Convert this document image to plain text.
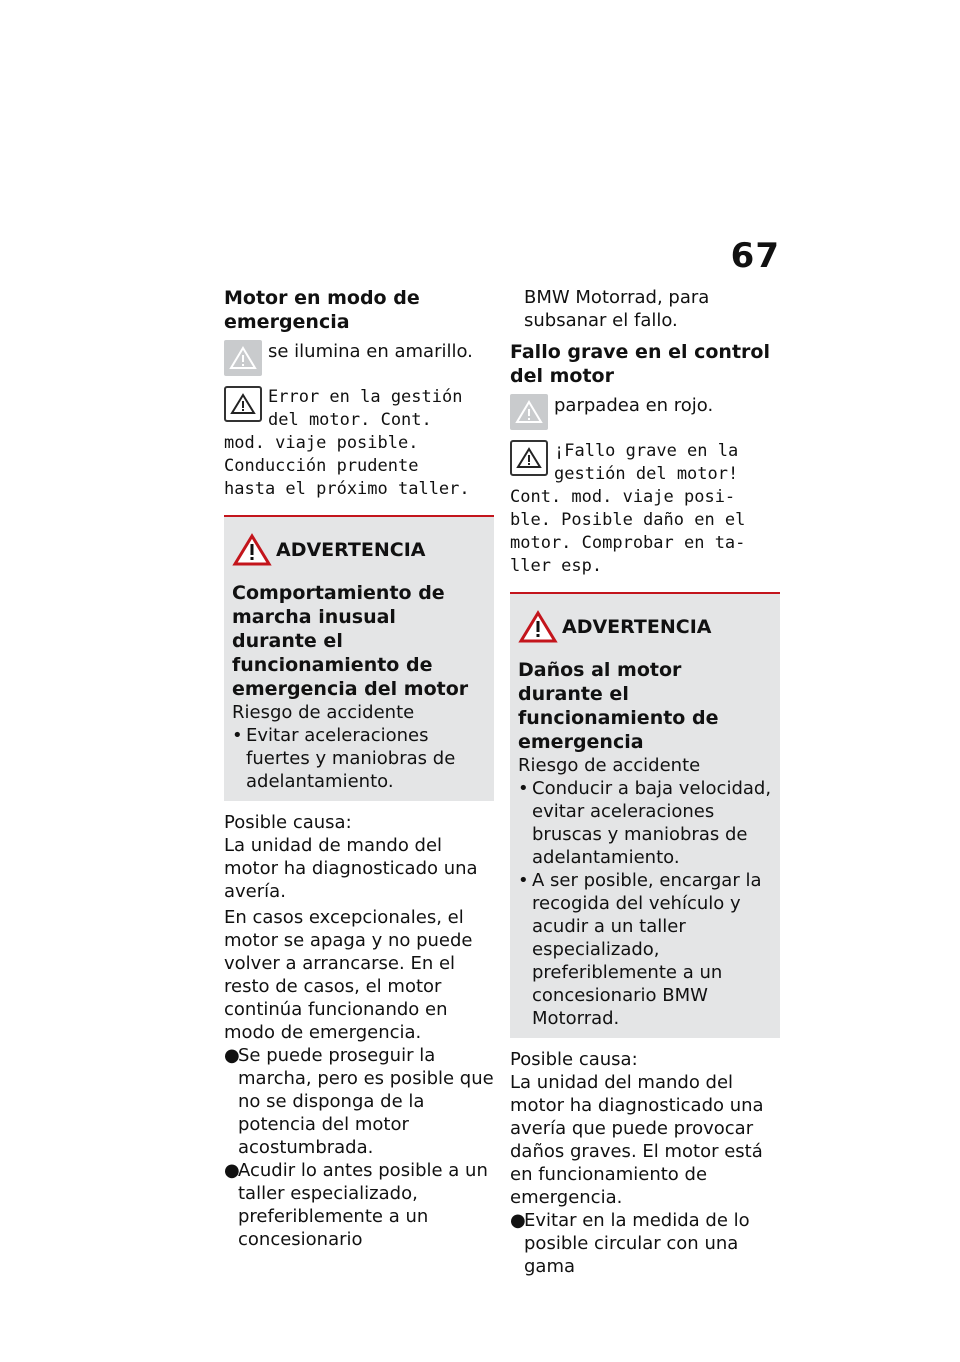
67
Motor en modo de emergencia
se ilumina en amarillo.
Error en la gestión
del motor. Cont.
mod. viaje posible.
Conducción prudente
hasta el próximo taller.
ADVERTENCIA
Comportamiento de marcha inusual durante el funcionamiento de emergencia del motor
Riesgo de accidente
• Evitar aceleraciones fuertes y maniobras de adelantamiento.
Posible causa:
La unidad de mando del motor ha diagnosticado una avería.
En casos excepcionales, el motor se apaga y no puede volver a arrancarse. En el resto de casos, el motor continúa funcionando en modo de emergencia.
●
Se puede proseguir la marcha, pero es posible que no se disponga de la potencia del motor acostumbrada.
●
Acudir lo antes posible a un taller especializado, preferiblemente a un concesionario
BMW Motorrad, para subsanar el fallo.
Fallo grave en el control del motor
parpadea en rojo.
¡Fallo grave en la
gestión del motor!
Cont. mod. viaje posi-
ble. Posible daño en el
motor. Comprobar en ta-
ller esp.
ADVERTENCIA
Daños al motor durante el funcionamiento de emergencia
Riesgo de accidente
• Conducir a baja velocidad, evitar aceleraciones bruscas y maniobras de adelantamiento.
• A ser posible, encargar la recogida del vehículo y acudir a un taller especializado, preferiblemente a un concesionario BMW Motorrad.
Posible causa:
La unidad del mando del motor ha diagnosticado una avería que puede provocar daños graves. El motor está en funcionamiento de emergencia.
●
Evitar en la medida de lo posible circular con una gama
